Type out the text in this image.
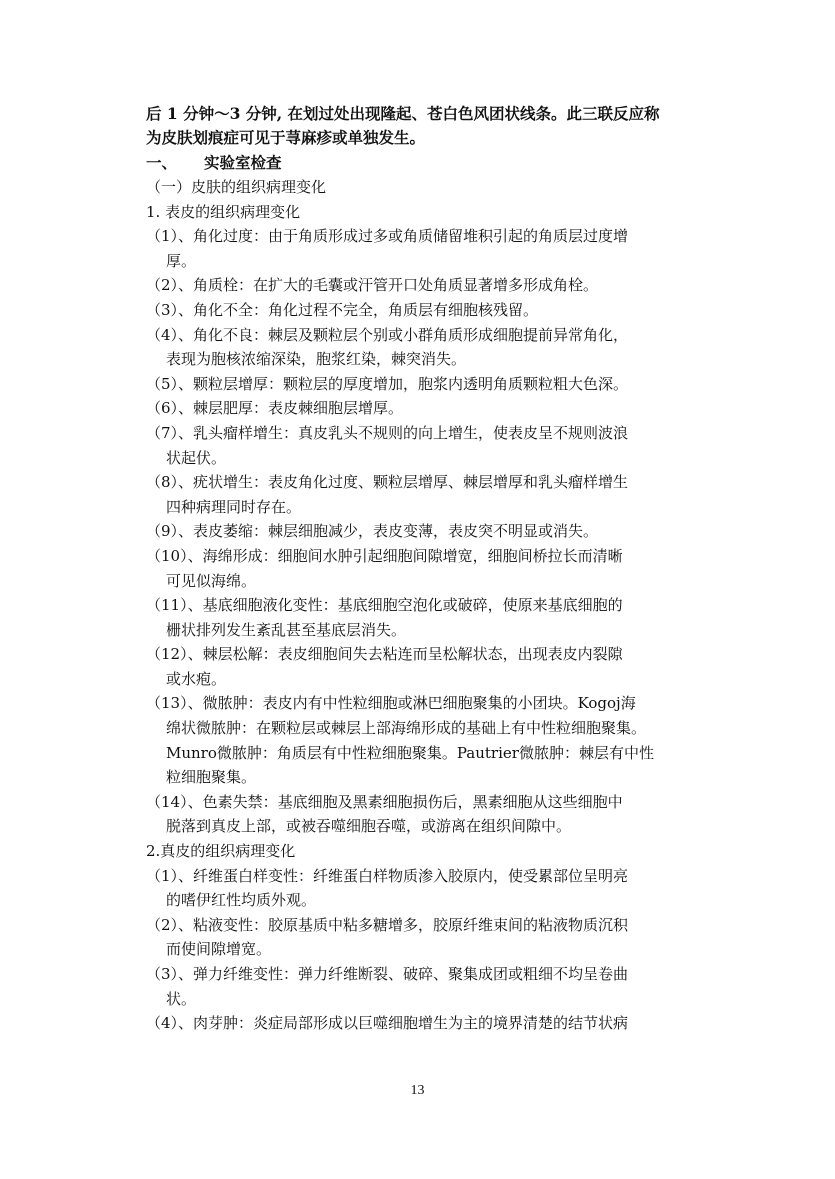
后 1 分钟～3 分钟, 在划过处出现隆起、苍白色风团状线条。此三联反应称

为皮肤划痕症可见于荨麻疹或单独发生。

一、 实验室检查

（一）皮肤的组织病理变化

1. 表皮的组织病理变化

（1）、角化过度：由于角质形成过多或角质储留堆积引起的角质层过度增
厚。

（2）、角质栓：在扩大的毛囊或汗管开口处角质显著增多形成角栓。

（3）、角化不全：角化过程不完全，角质层有细胞核残留。

（4）、角化不良：棘层及颗粒层个别或小群角质形成细胞提前异常角化，
表现为胞核浓缩深染，胞浆红染，棘突消失。

（5）、颗粒层增厚：颗粒层的厚度增加，胞浆内透明角质颗粒粗大色深。

（6）、棘层肥厚：表皮棘细胞层增厚。

（7）、乳头瘤样增生：真皮乳头不规则的向上增生，使表皮呈不规则波浪
状起伏。

（8）、疣状增生：表皮角化过度、颗粒层增厚、棘层增厚和乳头瘤样增生
四种病理同时存在。

（9）、表皮萎缩：棘层细胞减少，表皮变薄，表皮突不明显或消失。

（10）、海绵形成：细胞间水肿引起细胞间隙增宽，细胞间桥拉长而清晰
可见似海绵。

（11）、基底细胞液化变性：基底细胞空泡化或破碎，使原来基底细胞的
栅状排列发生紊乱甚至基底层消失。

（12）、棘层松解：表皮细胞间失去粘连而呈松解状态，出现表皮内裂隙
或水疱。

（13）、微脓肿：表皮内有中性粒细胞或淋巴细胞聚集的小团块。Kogoj海
绵状微脓肿：在颗粒层或棘层上部海绵形成的基础上有中性粒细胞聚集。
Munro微脓肿：角质层有中性粒细胞聚集。Pautrier微脓肿：棘层有中性
粒细胞聚集。

（14）、色素失禁：基底细胞及黑素细胞损伤后，黑素细胞从这些细胞中
脱落到真皮上部，或被吞噬细胞吞噬，或游离在组织间隙中。

2.真皮的组织病理变化

（1）、纤维蛋白样变性：纤维蛋白样物质渗入胶原内，使受累部位呈明亮
的嗜伊红性均质外观。

（2）、粘液变性：胶原基质中粘多糖增多，胶原纤维束间的粘液物质沉积
而使间隙增宽。

（3）、弹力纤维变性：弹力纤维断裂、破碎、聚集成团或粗细不均呈卷曲
状。

（4）、肉芽肿：炎症局部形成以巨噬细胞增生为主的境界清楚的结节状病

13
